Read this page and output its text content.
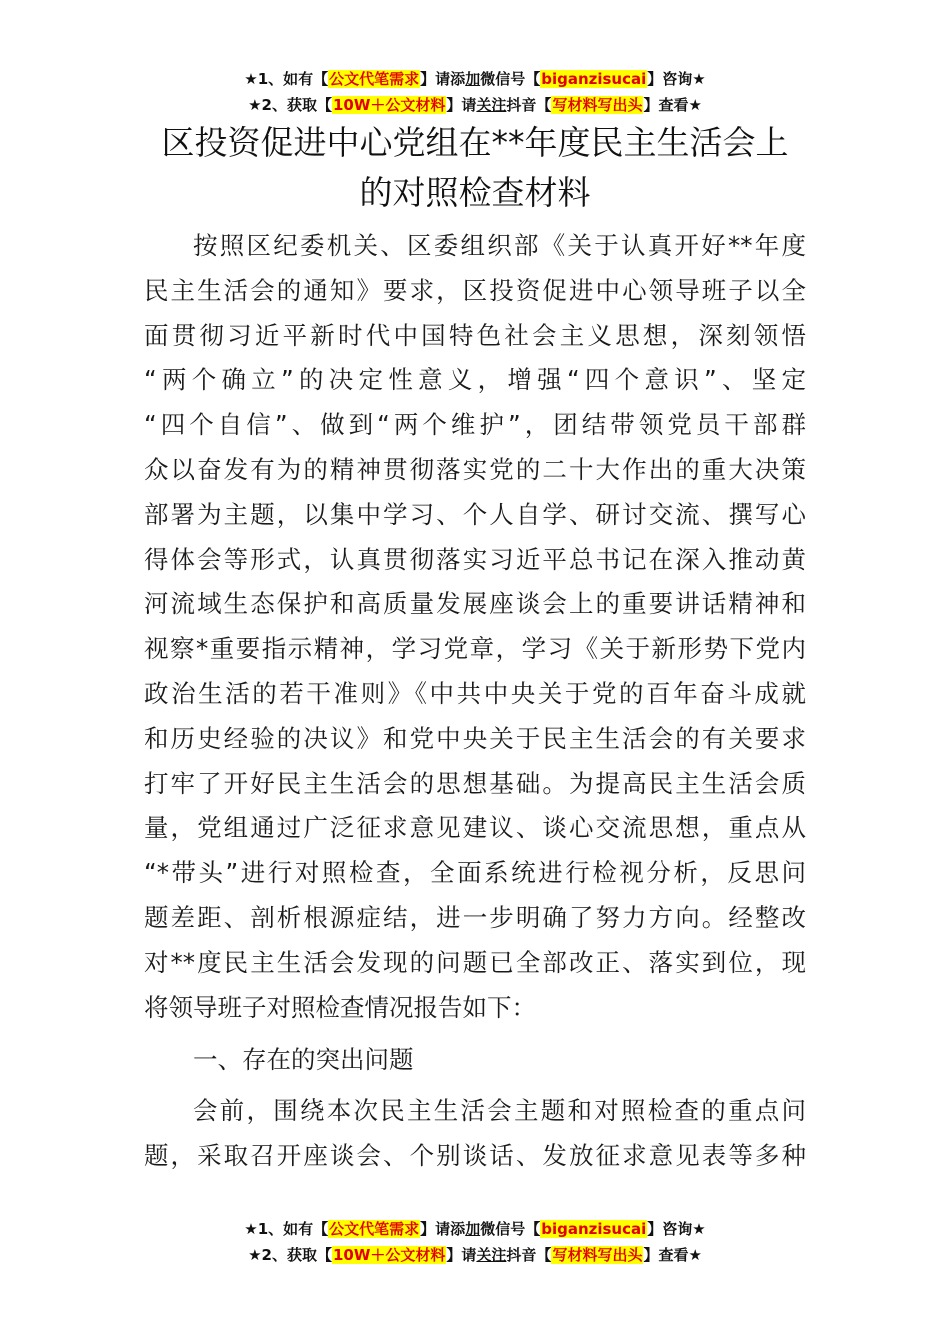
★1、如有【公文代笔需求】请添加微信号【biganzisucai】咨询★
★2、获取【10W＋公文材料】请关注抖音【写材料写出头】查看★
区投资促进中心党组在**年度民主生活会上
的对照检查材料
按照区纪委机关、区委组织部《关于认真开好**年度
民主生活会的通知》要求，区投资促进中心领导班子以全
面贯彻习近平新时代中国特色社会主义思想，深刻领悟
“两个确立”的决定性意义，增强“四个意识”、坚定
“四个自信”、做到“两个维护”，团结带领党员干部群
众以奋发有为的精神贯彻落实党的二十大作出的重大决策
部署为主题，以集中学习、个人自学、研讨交流、撰写心
得体会等形式，认真贯彻落实习近平总书记在深入推动黄
河流域生态保护和高质量发展座谈会上的重要讲话精神和
视察*重要指示精神，学习党章，学习《关于新形势下党内
政治生活的若干准则》《中共中央关于党的百年奋斗成就
和历史经验的决议》和党中央关于民主生活会的有关要求
打牢了开好民主生活会的思想基础。为提高民主生活会质
量，党组通过广泛征求意见建议、谈心交流思想，重点从
“*带头”进行对照检查，全面系统进行检视分析，反思问
题差距、剖析根源症结，进一步明确了努力方向。经整改
对**度民主生活会发现的问题已全部改正、落实到位，现
将领导班子对照检查情况报告如下：
一、存在的突出问题
会前，围绕本次民主生活会主题和对照检查的重点问
题，采取召开座谈会、个别谈话、发放征求意见表等多种
★1、如有【公文代笔需求】请添加微信号【biganzisucai】咨询★
★2、获取【10W＋公文材料】请关注抖音【写材料写出头】查看★
